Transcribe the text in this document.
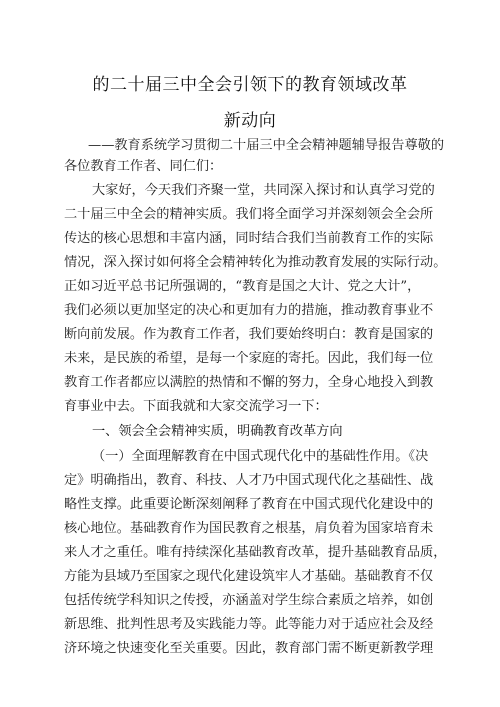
的二十届三中全会引领下的教育领域改革
新动向

——教育系统学习贯彻二十届三中全会精神题辅导报告尊敬的

各位教育工作者、同仁们：

大家好，今天我们齐聚一堂，共同深入探讨和认真学习党的

二十届三中全会的精神实质。我们将全面学习并深刻领会全会所

传达的核心思想和丰富内涵，同时结合我们当前教育工作的实际

情况，深入探讨如何将全会精神转化为推动教育发展的实际行动。

正如习近平总书记所强调的，“教育是国之大计、党之大计”，

我们必须以更加坚定的决心和更加有力的措施，推动教育事业不

断向前发展。作为教育工作者，我们要始终明白：教育是国家的

未来，是民族的希望，是每一个家庭的寄托。因此，我们每一位

教育工作者都应以满腔的热情和不懈的努力，全身心地投入到教

育事业中去。下面我就和大家交流学习一下：

一、领会全会精神实质，明确教育改革方向

（一）全面理解教育在中国式现代化中的基础性作用。《决

定》明确指出，教育、科技、人才乃中国式现代化之基础性、战

略性支撑。此重要论断深刻阐释了教育在中国式现代化建设中的

核心地位。基础教育作为国民教育之根基，肩负着为国家培育未

来人才之重任。唯有持续深化基础教育改革，提升基础教育品质，

方能为县域乃至国家之现代化建设筑牢人才基础。基础教育不仅

包括传统学科知识之传授，亦涵盖对学生综合素质之培养，如创

新思维、批判性思考及实践能力等。此等能力对于适应社会及经

济环境之快速变化至关重要。因此，教育部门需不断更新教学理
